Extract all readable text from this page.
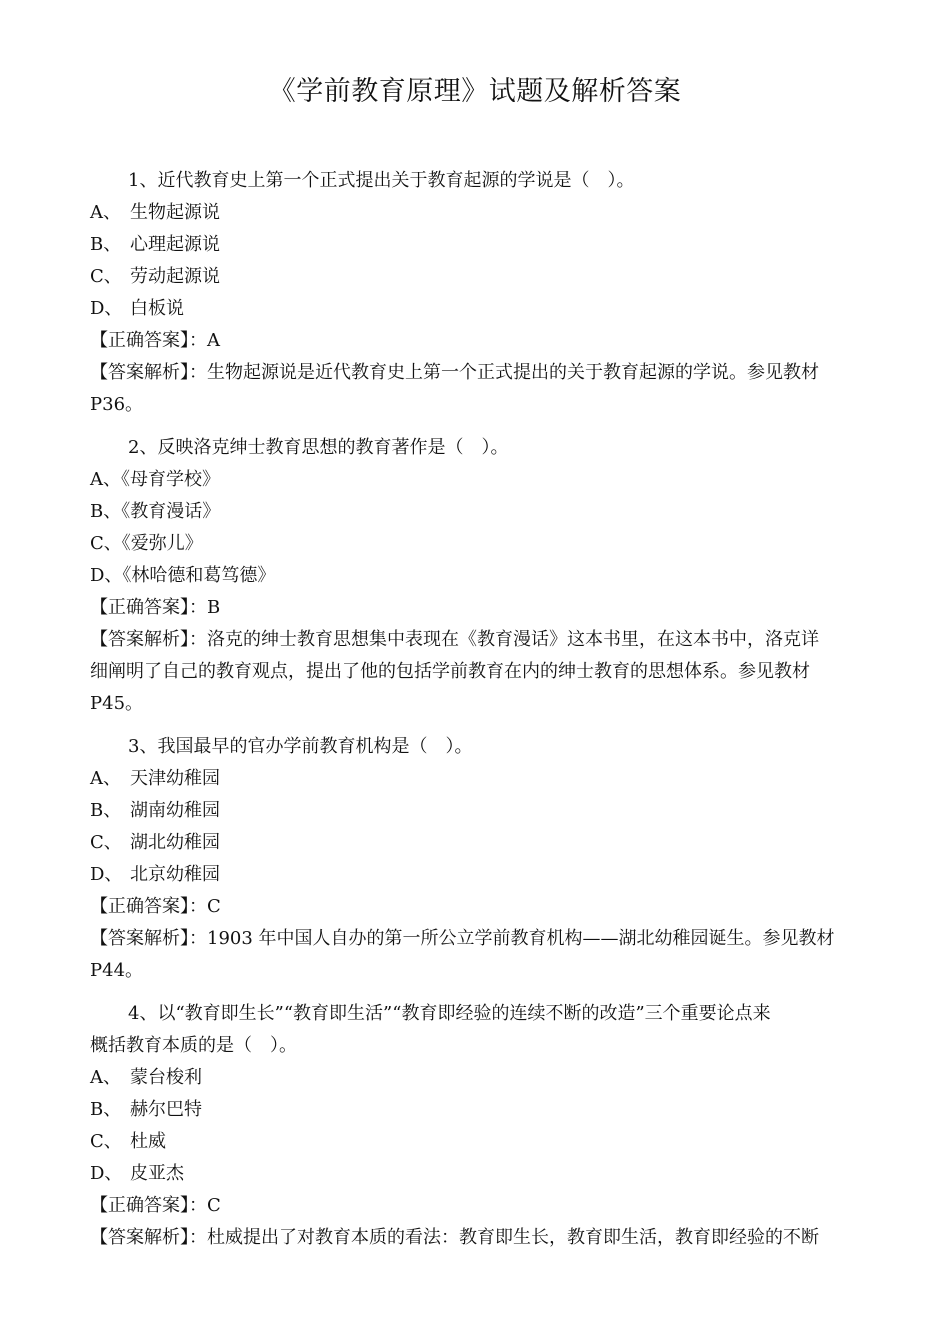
《学前教育原理》试题及解析答案
1、近代教育史上第一个正式提出关于教育起源的学说是（　）。
A、 生物起源说
B、 心理起源说
C、 劳动起源说
D、 白板说
【正确答案】：A
【答案解析】：生物起源说是近代教育史上第一个正式提出的关于教育起源的学说。参见教材
P36。
2、反映洛克绅士教育思想的教育著作是（　）。
A、《母育学校》
B、《教育漫话》
C、《爱弥儿》
D、《林哈德和葛笃德》
【正确答案】：B
【答案解析】：洛克的绅士教育思想集中表现在《教育漫话》这本书里，在这本书中，洛克详
细阐明了自己的教育观点，提出了他的包括学前教育在内的绅士教育的思想体系。参见教材
P45。
3、我国最早的官办学前教育机构是（　）。
A、 天津幼稚园
B、 湖南幼稚园
C、 湖北幼稚园
D、 北京幼稚园
【正确答案】：C
【答案解析】：1903 年中国人自办的第一所公立学前教育机构——湖北幼稚园诞生。参见教材
P44。
4、以“教育即生长”“教育即生活”“教育即经验的连续不断的改造”三个重要论点来
概括教育本质的是（　）。
A、 蒙台梭利
B、 赫尔巴特
C、 杜威
D、 皮亚杰
【正确答案】：C
【答案解析】：杜威提出了对教育本质的看法：教育即生长，教育即生活，教育即经验的不断
